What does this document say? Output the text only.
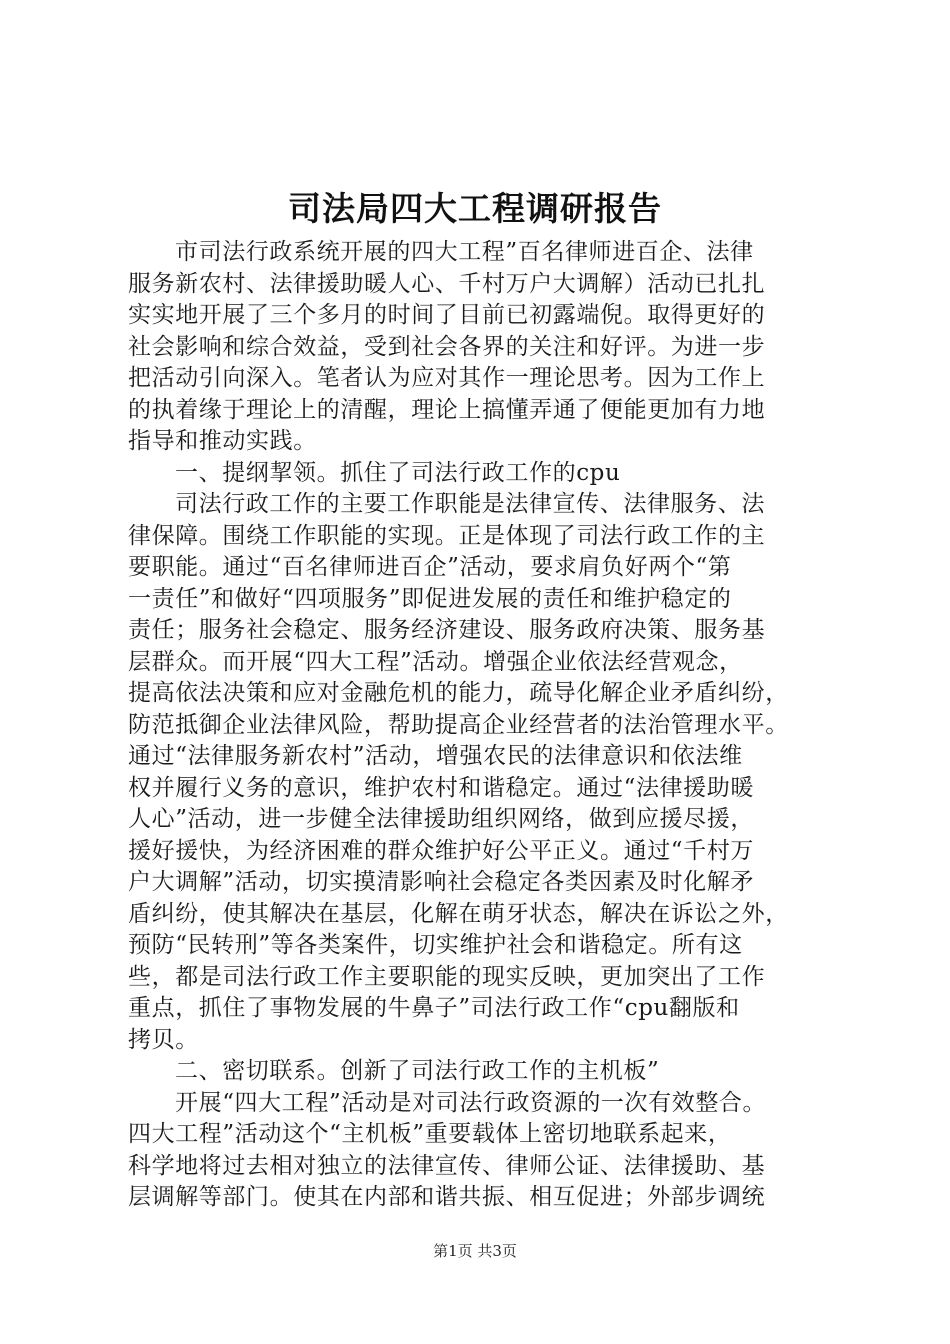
司法局四大工程调研报告
市司法行政系统开展的四大工程”百名律师进百企、法律
服务新农村、法律援助暖人心、千村万户大调解）活动已扎扎
实实地开展了三个多月的时间了目前已初露端倪。取得更好的
社会影响和综合效益，受到社会各界的关注和好评。为进一步
把活动引向深入。笔者认为应对其作一理论思考。因为工作上
的执着缘于理论上的清醒，理论上搞懂弄通了便能更加有力地
指导和推动实践。
一、提纲挈领。抓住了司法行政工作的cpu
司法行政工作的主要工作职能是法律宣传、法律服务、法
律保障。围绕工作职能的实现。正是体现了司法行政工作的主
要职能。通过“百名律师进百企”活动，要求肩负好两个“第
一责任”和做好“四项服务”即促进发展的责任和维护稳定的
责任；服务社会稳定、服务经济建设、服务政府决策、服务基
层群众。而开展“四大工程”活动。增强企业依法经营观念，
提高依法决策和应对金融危机的能力，疏导化解企业矛盾纠纷，
防范抵御企业法律风险，帮助提高企业经营者的法治管理水平。
通过“法律服务新农村”活动，增强农民的法律意识和依法维
权并履行义务的意识，维护农村和谐稳定。通过“法律援助暖
人心”活动，进一步健全法律援助组织网络，做到应援尽援，
援好援快，为经济困难的群众维护好公平正义。通过“千村万
户大调解”活动，切实摸清影响社会稳定各类因素及时化解矛
盾纠纷，使其解决在基层，化解在萌牙状态，解决在诉讼之外，
预防“民转刑”等各类案件，切实维护社会和谐稳定。所有这
些，都是司法行政工作主要职能的现实反映，更加突出了工作
重点，抓住了事物发展的牛鼻子”司法行政工作“cpu翻版和
拷贝。
二、密切联系。创新了司法行政工作的主机板”
开展“四大工程”活动是对司法行政资源的一次有效整合。
四大工程”活动这个“主机板”重要载体上密切地联系起来，
科学地将过去相对独立的法律宣传、律师公证、法律援助、基
层调解等部门。使其在内部和谐共振、相互促进；外部步调统
第1页 共3页
